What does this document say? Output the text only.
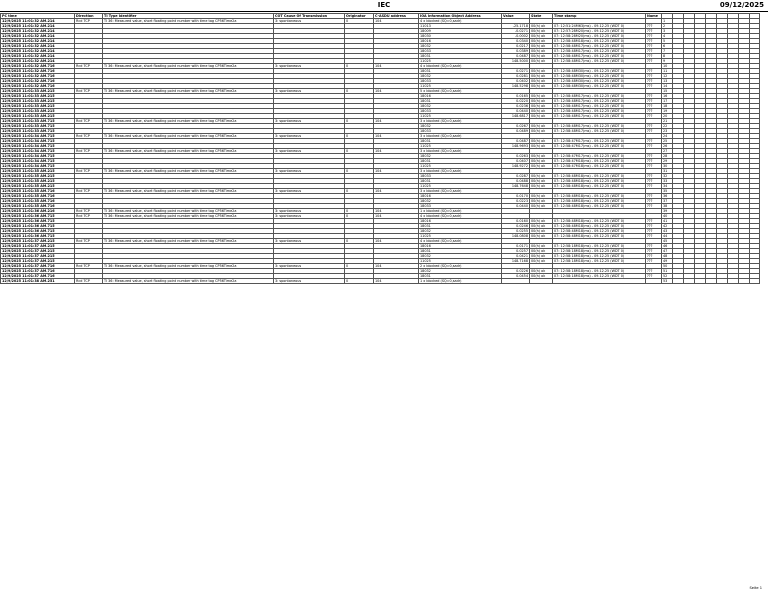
IEC	09/12/2025
PC time	Direction	TI Type Identifier	COT Cause Of Transmission	Originator	C-ASDU address	IOA Information Object Address	Value	State	Time stamp	Name									
12/9/2025 11:01:32 AM.214	Rcd TCP	TI 36: Measured value, short floating point number with time tag CP56Time2a	3: spontaneous	0	104	4 x blocked (SQ=0,sadr)					1								
12/9/2025 11:01:32 AM.214						11013	-25.1718	00(h) ok	07: 12:51:24M63(ms) - 09.12.25 (WDT 0)	???	2								
12/9/2025 11:01:32 AM.214						18009	-0.0271	00(h) ok	07: 12:57:28M20(ms) - 09.12.25 (WDT 0)	???	3								
12/9/2025 11:01:32 AM.214						18030	-0.0002	00(h) ok	07: 12:58:28M20(ms) - 09.12.25 (WDT 0)	???	4								
12/9/2025 11:01:32 AM.214						18016	0.0340	00(h) ok	07: 12:58:48M18(ms) - 09.12.25 (WDT 0)	???	5								
12/9/2025 11:01:32 AM.214						18032	0.0217	00(h) ok	07: 12:58:48M17(ms) - 09.12.25 (WDT 0)	???	6								
12/9/2025 11:01:32 AM.214						18033	0.0389	00(h) ok	07: 12:58:48M17(ms) - 09.12.25 (WDT 0)	???	7								
12/9/2025 11:01:32 AM.214						18031	0.0487	00(h) ok	07: 12:58:48M17(ms) - 09.12.25 (WDT 0)	???	8								
12/9/2025 11:01:32 AM.214						11025	148.5000	00(h) ok	07: 12:58:48M17(ms) - 09.12.25 (WDT 0)	???	9								
12/9/2025 11:01:32 AM.716	Rcd TCP	TI 36: Measured value, short floating point number with time tag CP56Time2a	3: spontaneous	0	104	4 x blocked (SQ=0,sadr)					10								
12/9/2025 11:01:32 AM.716						18031	0.0271	00(h) ok	07: 12:58:48M30(ms) - 09.12.25 (WDT 0)	???	11								
12/9/2025 11:01:32 AM.716						18032	0.0281	00(h) ok	07: 12:58:48M30(ms) - 09.12.25 (WDT 0)	???	12								
12/9/2025 11:01:32 AM.716						18033	0.0402	00(h) ok	07: 12:58:48M30(ms) - 09.12.25 (WDT 0)	???	13								
12/9/2025 11:01:32 AM.716						11025	148.5298	00(h) ok	07: 12:58:48M30(ms) - 09.12.25 (WDT 0)	???	14								
12/9/2025 11:01:33 AM.215	Rcd TCP	TI 36: Measured value, short floating point number with time tag CP56Time2a	3: spontaneous	0	104	5 x blocked (SQ=0,sadr)					15								
12/9/2025 11:01:33 AM.215						18016	0.0165	00(h) ok	07: 12:58:48M17(ms) - 09.12.25 (WDT 0)	???	16								
12/9/2025 11:01:33 AM.215						18031	0.0220	00(h) ok	07: 12:58:48M17(ms) - 09.12.25 (WDT 0)	???	17								
12/9/2025 11:01:33 AM.215						18032	0.0236	00(h) ok	07: 12:58:48M17(ms) - 09.12.25 (WDT 0)	???	18								
12/9/2025 11:01:33 AM.215						18033	0.0440	00(h) ok	07: 12:58:48M17(ms) - 09.12.25 (WDT 0)	???	19								
12/9/2025 11:01:33 AM.215						11025	148.6817	00(h) ok	07: 12:58:48M17(ms) - 09.12.25 (WDT 0)	???	20								
12/9/2025 11:01:33 AM.715	Rcd TCP	TI 36: Measured value, short floating point number with time tag CP56Time2a	3: spontaneous	0	104	3 x blocked (SQ=0,sadr)					21								
12/9/2025 11:01:33 AM.715						18032	0.0267	00(h) ok	07: 12:58:48M17(ms) - 09.12.25 (WDT 0)	???	22								
12/9/2025 11:01:33 AM.715						18033	0.0489	00(h) ok	07: 12:58:48M17(ms) - 09.12.25 (WDT 0)	???	23								
12/9/2025 11:01:34 AM.715	Rcd TCP	TI 36: Measured value, short floating point number with time tag CP56Time2a	3: spontaneous	0	104	3 x blocked (SQ=0,sadr)					24								
12/9/2025 11:01:34 AM.715						18031	0.0487	00(h) ok	07: 12:58:47M17(ms) - 09.12.25 (WDT 0)	???	25								
12/9/2025 11:01:34 AM.715						11025	148.9693	00(h) ok	07: 12:58:47M17(ms) - 09.12.25 (WDT 0)	???	26								
12/9/2025 11:01:34 AM.715	Rcd TCP	TI 36: Measured value, short floating point number with time tag CP56Time2a	3: spontaneous	0	104	3 x blocked (SQ=0,sadr)					27								
12/9/2025 11:01:34 AM.715						18032	0.0263	00(h) ok	07: 12:58:47M17(ms) - 09.12.25 (WDT 0)	???	28								
12/9/2025 11:01:34 AM.715						18031	0.0407	00(h) ok	07: 12:58:47M18(ms) - 09.12.25 (WDT 0)	???	29								
12/9/2025 11:01:34 AM.715						11025	148.9272	00(h) ok	07: 12:58:47M18(ms) - 09.12.25 (WDT 0)	???	30								
12/9/2025 11:01:35 AM.215	Rcd TCP	TI 36: Measured value, short floating point number with time tag CP56Time2a	3: spontaneous	0	104	3 x blocked (SQ=0,sadr)					31								
12/9/2025 11:01:35 AM.215						18033	0.0287	00(h) ok	07: 12:58:48M18(ms) - 09.12.25 (WDT 0)	???	32								
12/9/2025 11:01:35 AM.215						18031	0.0488	00(h) ok	07: 12:58:48M18(ms) - 09.12.25 (WDT 0)	???	33								
12/9/2025 11:01:35 AM.215						11025	148.7648	00(h) ok	07: 12:58:48M18(ms) - 09.12.25 (WDT 0)	???	34								
12/9/2025 11:01:35 AM.716	Rcd TCP	TI 36: Measured value, short floating point number with time tag CP56Time2a	3: spontaneous	0	104	3 x blocked (SQ=0,sadr)					35								
12/9/2025 11:01:35 AM.716						18016	0.0170	00(h) ok	07: 12:58:48M18(ms) - 09.12.25 (WDT 0)	???	36								
12/9/2025 11:01:35 AM.716						18032	0.0223	00(h) ok	07: 12:58:48M18(ms) - 09.12.25 (WDT 0)	???	37								
12/9/2025 11:01:35 AM.716						18033	0.0440	00(h) ok	07: 12:58:48M18(ms) - 09.12.25 (WDT 0)	???	38								
12/9/2025 11:01:36 AM.216	Rcd TCP	TI 36: Measured value, short floating point number with time tag CP56Time2a	3: spontaneous	0	104	1 x blocked (SQ=0,sadr)					39								
12/9/2025 11:01:36 AM.715	Rcd TCP	TI 36: Measured value, short floating point number with time tag CP56Time2a	3: spontaneous	0	104	4 x blocked (SQ=0,sadr)					40								
12/9/2025 11:01:36 AM.715						18016	0.0160	00(h) ok	07: 12:58:48M18(ms) - 09.12.25 (WDT 0)	???	41								
12/9/2025 11:01:36 AM.715						18031	0.0246	00(h) ok	07: 12:58:48M18(ms) - 09.12.25 (WDT 0)	???	42								
12/9/2025 11:01:36 AM.715						18032	0.0255	00(h) ok	07: 12:58:48M18(ms) - 09.12.25 (WDT 0)	???	43								
12/9/2025 11:01:36 AM.715						11025	148.0808	00(h) ok	07: 12:58:48M18(ms) - 09.12.25 (WDT 0)	???	44								
12/9/2025 11:01:37 AM.215	Rcd TCP	TI 36: Measured value, short floating point number with time tag CP56Time2a	3: spontaneous	0	104	4 x blocked (SQ=0,sadr)					45								
12/9/2025 11:01:37 AM.215						18016	0.0171	00(h) ok	07: 12:58:18M18(ms) - 09.12.25 (WDT 0)	???	46								
12/9/2025 11:01:37 AM.215						18031	0.0257	00(h) ok	07: 12:58:18M18(ms) - 09.12.25 (WDT 0)	???	47								
12/9/2025 11:01:37 AM.215						18032	0.0421	00(h) ok	07: 12:58:18M18(ms) - 09.12.25 (WDT 0)	???	48								
12/9/2025 11:01:37 AM.215						11025	148.7168	00(h) ok	07: 12:58:18M18(ms) - 09.12.25 (WDT 0)	???	49								
12/9/2025 11:01:37 AM.716	Rcd TCP	TI 36: Measured value, short floating point number with time tag CP56Time2a	3: spontaneous	0	104	2 x blocked (SQ=0,sadr)					50								
12/9/2025 11:01:37 AM.716						18032	0.0226	00(h) ok	07: 12:58:18M18(ms) - 09.12.25 (WDT 0)	???	51								
12/9/2025 11:01:37 AM.716						18031	0.0454	00(h) ok	07: 12:58:18M18(ms) - 09.12.25 (WDT 0)	???	52								
12/9/2025 11:01:38 AM.251	Rcd TCP	TI 36: Measured value, short floating point number with time tag CP56Time2a	3: spontaneous	0	104	1 x blocked (SQ=0,sadr)					53								
Seite 1
